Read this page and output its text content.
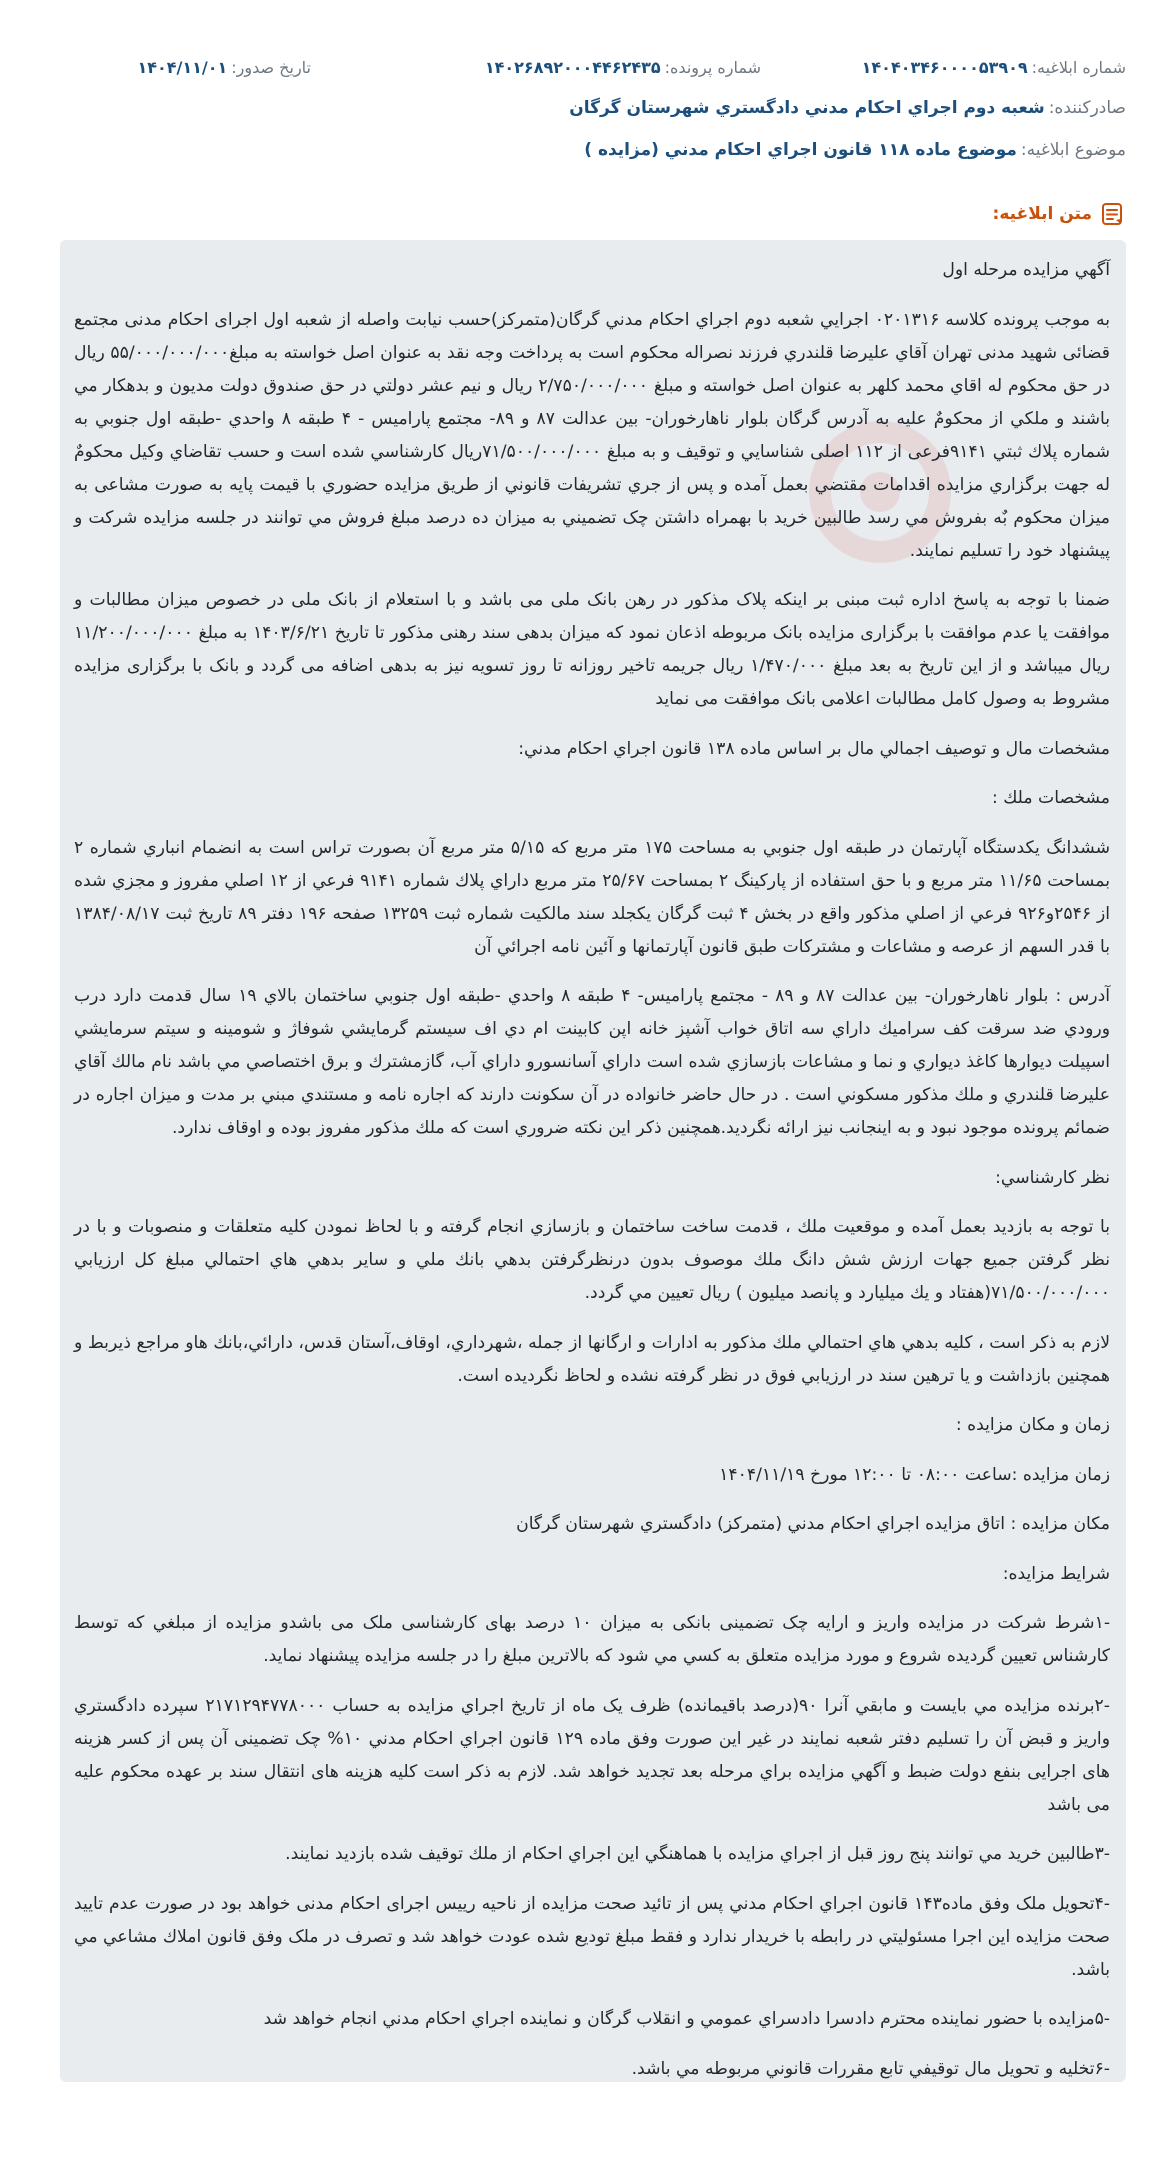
شماره ابلاغيه:۱۴۰۴۰۳۴۶۰۰۰۰۵۳۹۰۹
شماره پرونده:۱۴۰۲۶۸۹۲۰۰۰۴۴۶۲۴۳۵
تاريخ صدور:۱۴۰۴/۱۱/۰۱
صادرکننده:شعبه دوم اجراي احكام مدني دادگستري شهرستان گرگان
موضوع ابلاغيه:موضوع ماده ۱۱۸ قانون اجراي احکام مدني (مزايده )
متن ابلاغيه:

آگهي مزايده مرحله اول

به موجب پرونده كلاسه ۰۲۰۱۳۱۶ اجرايي شعبه دوم اجراي احكام مدني گرگان(متمرکز)حسب نيابت واصله از شعبه اول اجرای احکام مدنی مجتمع قضائی شهيد مدنی تهران آقاي عليرضا قلندري فرزند نصراله محكوم است به پرداخت وجه نقد به عنوان اصل خواسته به مبلغ۵۵/۰۰۰/۰۰۰/۰۰۰ ريال در حق محکوم له اقاي محمد کلهر به عنوان اصل خواسته و مبلغ ۲/۷۵۰/۰۰۰/۰۰۰ ريال و نيم عشر دولتي در حق صندوق دولت مديون و بدهكار مي باشند و ملكي از محکومٌ عليه به آدرس گرگان بلوار ناهارخوران- بين عدالت ۸۷ و ۸۹- مجتمع پاراميس - ۴ طبقه ۸ واحدي -طبقه اول جنوبي به شماره پلاك ثبتي ۹۱۴۱فرعی از ۱۱۲ اصلی شناسايي و توقيف و به مبلغ ۷۱/۵۰۰/۰۰۰/۰۰۰ريال كارشناسي شده است و حسب تقاضاي وكيل محکومٌ له جهت برگزاري مزايده اقدامات مقتضي بعمل آمده و پس از جري تشريفات قانوني از طريق مزايده حضوري با قيمت پايه به صورت مشاعی به ميزان محکوم بٌه بفروش مي رسد طالبين خريد با بهمراه داشتن چک تضميني به ميزان ده درصد مبلغ فروش مي توانند در جلسه مزايده شركت و پيشنهاد خود را تسليم نمايند.

ضمنا با توجه به پاسخ اداره ثبت مبنی بر اینکه پلاک مذکور در رهن بانک ملی می باشد و با استعلام از بانک ملی در خصوص میزان مطالبات و موافقت یا عدم موافقت با برگزاری مزایده بانک مربوطه اذعان نمود که میزان بدهی سند رهنی مذکور تا تاریخ ۱۴۰۳/۶/۲۱ به مبلغ ۱۱/۲۰۰/۰۰۰/۰۰۰ ریال میباشد و از این تاریخ به بعد مبلغ ۱/۴۷۰/۰۰۰ ریال جریمه تاخیر روزانه تا روز تسویه نیز به بدهی اضافه می گردد و بانک با برگزاری مزایده مشروط به وصول کامل مطالبات اعلامی بانک موافقت می نماید

مشخصات مال و توصيف اجمالي مال بر اساس ماده ۱۳۸ قانون اجراي احكام مدني:

مشخصات ملك :

ششدانگ يكدستگاه آپارتمان در طبقه اول جنوبي به مساحت ۱۷۵ متر مربع كه ۵/۱۵ متر مربع آن بصورت تراس است به انضمام انباري شماره ۲ بمساحت ۱۱/۶۵ متر مربع و با حق استفاده از پاركينگ ۲ بمساحت ۲۵/۶۷ متر مربع داراي پلاك شماره ۹۱۴۱ فرعي از ۱۲ اصلي مفروز و مجزي شده از ۲۵۴۶و۹۲۶ فرعي از اصلي مذكور واقع در بخش ۴ ثبت گرگان يكجلد سند مالكيت شماره ثبت ۱۳۲۵۹ صفحه ۱۹۶ دفتر ۸۹ تاريخ ثبت ۱۳۸۴/۰۸/۱۷ با قدر السهم از عرصه و مشاعات و مشتركات طبق قانون آپارتمانها و آئين نامه اجرائي آن

آدرس : بلوار ناهارخوران- بين عدالت ۸۷ و ۸۹ - مجتمع پاراميس- ۴ طبقه ۸ واحدي -طبقه اول جنوبي ساختمان بالاي ۱۹ سال قدمت دارد درب ورودي ضد سرقت كف سراميك داراي سه اتاق خواب آشپز خانه اپن كابينت ام دي اف سيستم گرمايشي شوفاژ و شومينه و سيتم سرمايشي اسپيلت ديوارها كاغذ ديواري و نما و مشاعات بازسازي شده است داراي آسانسورو داراي آب، گازمشترك و برق اختصاصي مي باشد نام مالك آقاي عليرضا قلندري و ملك مذكور مسكوني است . در حال حاضر خانواده در آن سكونت دارند كه اجاره نامه و مستندي مبني بر مدت و ميزان اجاره در ضمائم پرونده موجود نبود و به اينجانب نيز ارائه نگرديد.همچنين ذكر اين نكته ضروري است كه ملك مذكور مفروز بوده و اوقاف ندارد.

نظر كارشناسي:

با توجه به بازديد بعمل آمده و موقعيت ملك ، قدمت ساخت ساختمان و بازسازي انجام گرفته و با لحاظ نمودن كليه متعلقات و منصوبات و با در نظر گرفتن جميع جهات ارزش شش دانگ ملك موصوف بدون درنظرگرفتن بدهي بانك ملي و ساير بدهي هاي احتمالي مبلغ كل ارزيابي ۷۱/۵۰۰/۰۰۰/۰۰۰(هفتاد و يك ميليارد و پانصد ميليون ) ريال تعيين مي گردد.

لازم به ذكر است ، كليه بدهي هاي احتمالي ملك مذكور به ادارات و ارگانها از جمله ،شهرداري، اوقاف،آستان قدس، دارائي،بانك هاو مراجع ذيربط و همچنين بازداشت و يا ترهين سند در ارزيابي فوق در نظر گرفته نشده و لحاظ نگرديده است.

زمان و مكان مزايده :

زمان مزايده :ساعت ۰۸:۰۰ تا ۱۲:۰۰ مورخ ۱۴۰۴/۱۱/۱۹

مكان مزايده : اتاق مزايده اجراي احكام مدني (متمركز) دادگستري شهرستان گرگان

شرايط مزايده:

-۱شرط شرکت در مزایده واریز و ارایه چک تضمینی بانکی به میزان ۱۰ درصد بهای کارشناسی ملک می باشدو مزايده از مبلغي كه توسط كارشناس تعيين گرديده شروع و مورد مزايده متعلق به كسي مي شود كه بالاترين مبلغ را در جلسه مزايده پيشنهاد نمايد.

-۲برنده مزايده مي بايست و مابقي آنرا ۹۰(درصد باقيمانده) ظرف يک ماه از تاريخ اجراي مزايده به حساب ۲۱۷۱۲۹۴۷۷۸۰۰۰ سپرده دادگستري واريز و قبض آن را تسليم دفتر شعبه نمايند در غير اين صورت وفق ماده ۱۲۹ قانون اجراي احكام مدني ۱۰% چک تضمینی آن پس از کسر هزینه های اجرایی بنفع دولت ضبط و آگهي مزايده براي مرحله بعد تجديد خواهد شد. لازم به ذکر است کلیه هزینه های انتقال سند بر عهده محکوم علیه می باشد

-۳طالبين خريد مي توانند پنج روز قبل از اجراي مزايده با هماهنگي اين اجراي احكام از ملك توقيف شده بازديد نمايند.

-۴تحويل ملک وفق ماده۱۴۳ قانون اجراي احکام مدني پس از تائید صحت مزایده از ناحیه رییس اجرای احکام مدنی خواهد بود در صورت عدم تایید صحت مزايده اين اجرا مسئوليتي در رابطه با خريدار ندارد و فقط مبلغ توديع شده عودت خواهد شد و تصرف در ملک وفق قانون املاك مشاعي مي باشد.

-۵مزايده با حضور نماينده محترم دادسرا دادسراي عمومي و انقلاب گرگان و نماينده اجراي احكام مدني انجام خواهد شد

-۶تخليه و تحويل مال توقيفي تابع مقررات قانوني مربوطه مي باشد.
